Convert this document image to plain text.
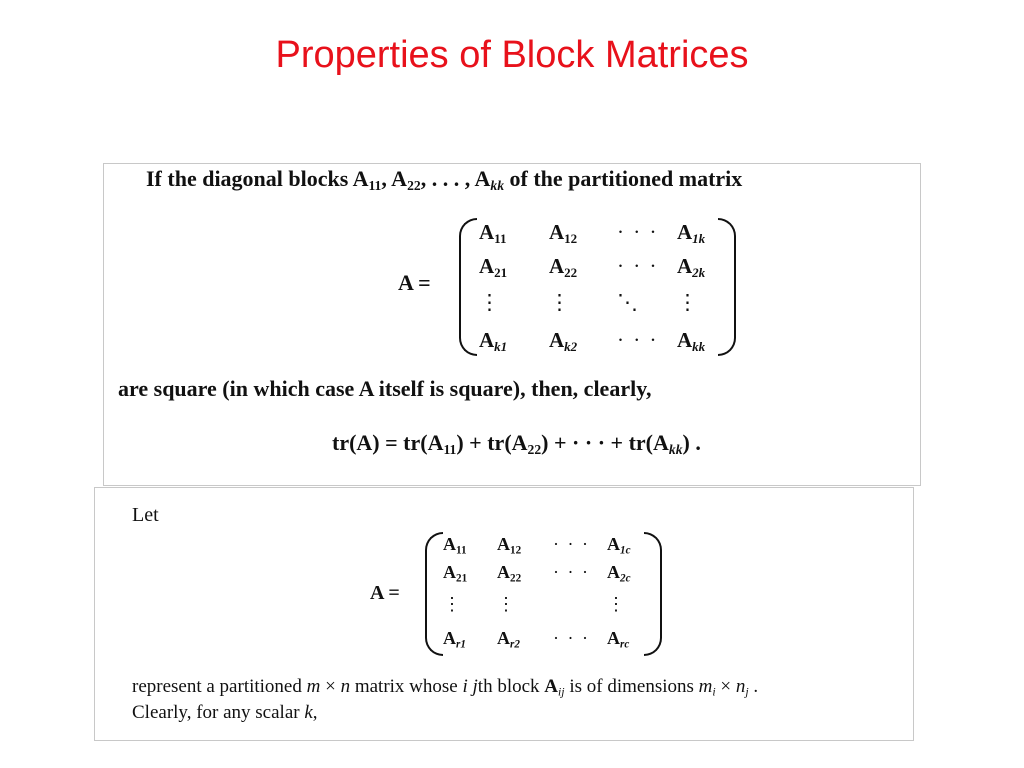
Properties of Block Matrices
If the diagonal blocks $A_{11}$, $A_{22}$, . . . , $A_{kk}$ of the partitioned matrix
A =
$A_{11}$ $A_{12}$ · · · $A_{1k}$
$A_{21}$ $A_{22}$ · · · $A_{2k}$
⋮ ⋮ ⋱ ⋮
$A_{k1}$ $A_{k2}$ · · · $A_{kk}$
are square (in which case A itself is square), then, clearly,
$tr(A) = tr(A_{11}) + tr(A_{22})$ + · · · + $tr(A_{kk})$ .
Let
A =
$A_{11}$ $A_{12}$ · · · $A_{1c}$
$A_{21}$ $A_{22}$ · · · $A_{2c}$
⋮ ⋮	⋮
$A_{r1}$ $A_{r2}$ · · · $A_{rc}$
represent a partitioned m × n matrix whose i jth block $A_{ij}$ is of dimensions $m_i \times n_j$ .
Clearly, for any scalar k,
